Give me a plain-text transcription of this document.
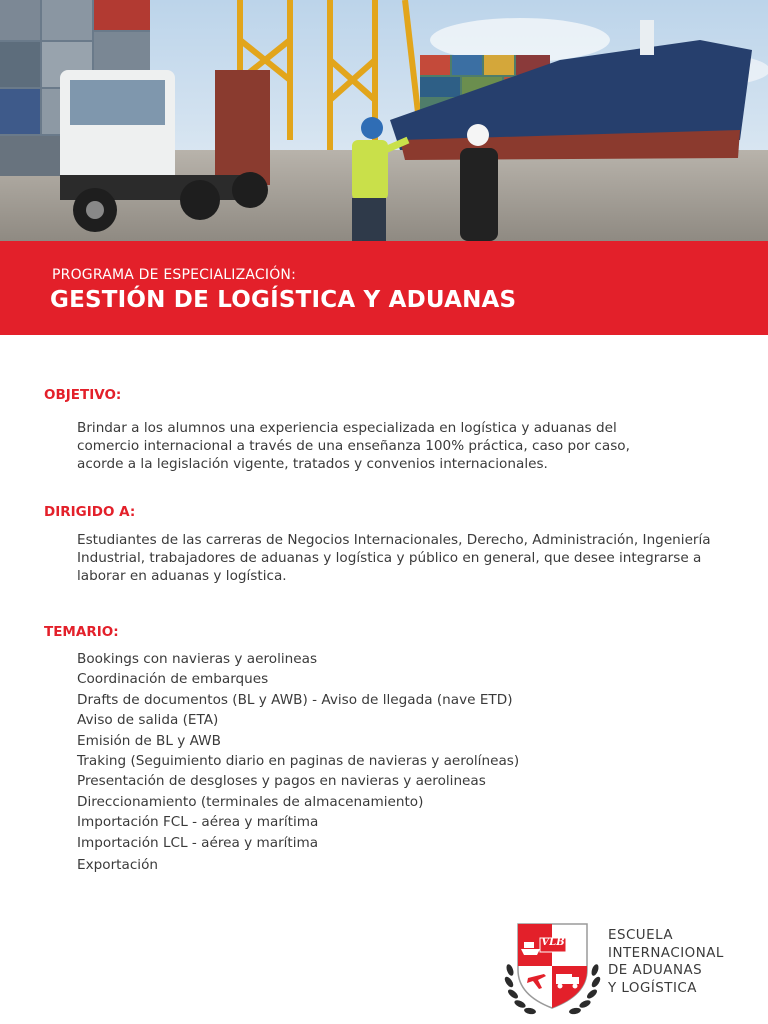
PROGRAMA DE ESPECIALIZACIÓN:
GESTIÓN DE LOGÍSTICA Y ADUANAS
OBJETIVO:
Brindar a los alumnos una experiencia especializada en logística y aduanas del
comercio internacional a través de una enseñanza 100% práctica, caso por caso,
acorde a la legislación vigente, tratados y convenios internacionales.
DIRIGIDO A:
Estudiantes de las carreras de Negocios Internacionales, Derecho, Administración, Ingeniería
Industrial, trabajadores de aduanas y logística y público en general, que desee integrarse a
laborar en aduanas y logística.
TEMARIO:
Bookings con navieras y aerolineas
Coordinación de embarques
Drafts de documentos (BL y AWB) - Aviso de llegada (nave ETD)
Aviso de salida (ETA)
Emisión de BL y AWB
Traking (Seguimiento diario en paginas de navieras y aerolíneas)
Presentación de desgloses y pagos en navieras y aerolineas
Direccionamiento (terminales de almacenamiento)
Importación FCL - aérea y marítima
Importación LCL - aérea y marítima
Exportación
VLB	ESCUELA
INTERNACIONAL
DE ADUANAS
Y LOGÍSTICA
